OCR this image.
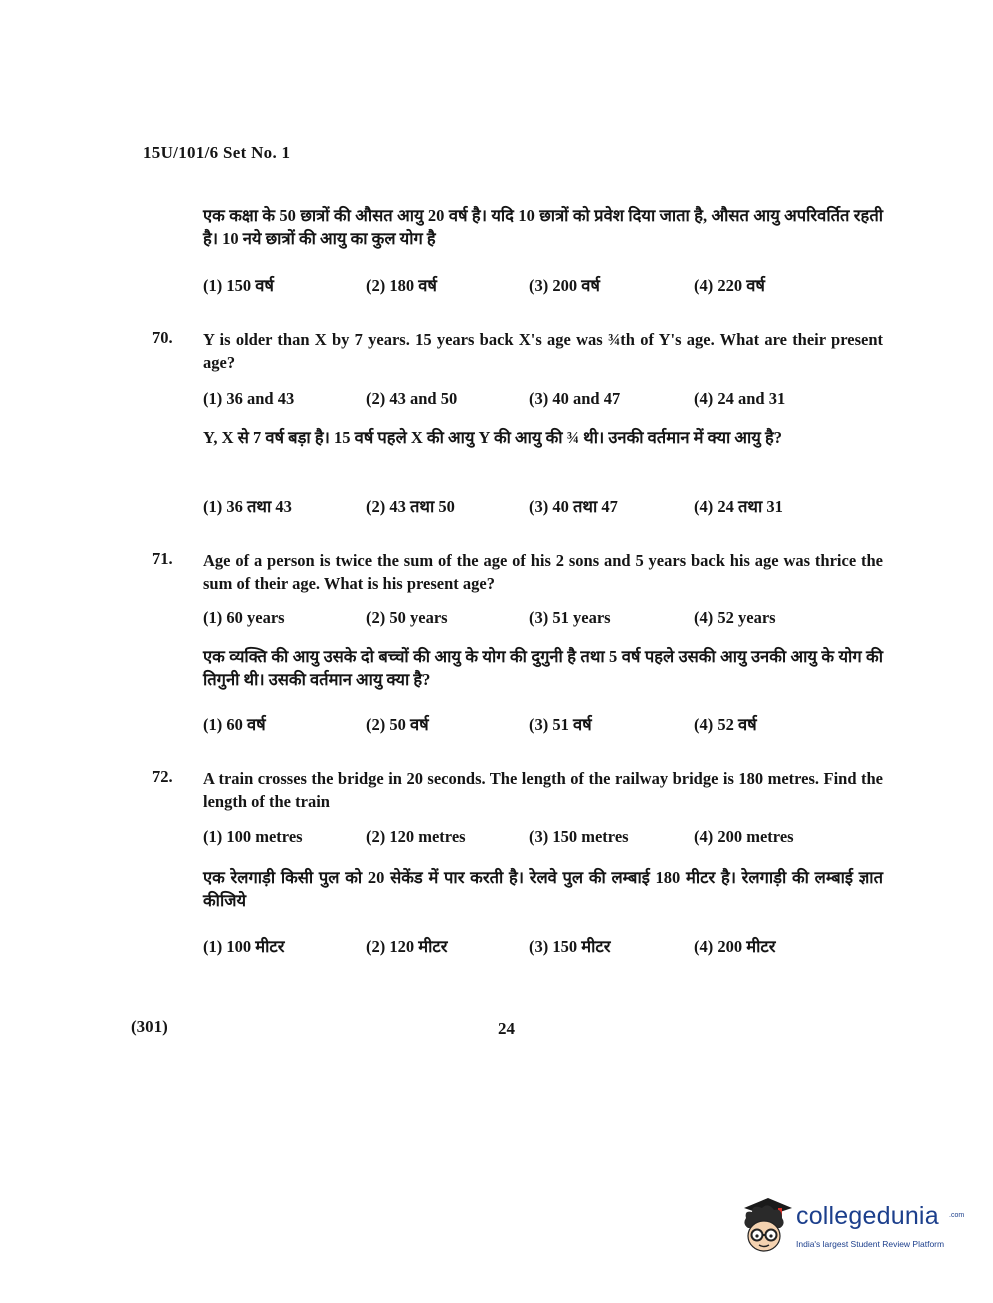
15U/101/6 Set No. 1
एक कक्षा के 50 छात्रों की औसत आयु 20 वर्ष है। यदि 10 छात्रों को प्रवेश दिया जाता है, औसत आयु अपरिवर्तित रहती है। 10 नये छात्रों की आयु का कुल योग है
(1) 150 वर्ष	(2) 180 वर्ष	(3) 200 वर्ष	(4) 220 वर्ष
70. Y is older than X by 7 years. 15 years back X's age was ¾th of Y's age. What are their present age?
(1) 36 and 43	(2) 43 and 50	(3) 40 and 47	(4) 24 and 31
Y, X से 7 वर्ष बड़ा है। 15 वर्ष पहले X की आयु Y की आयु की ¾ थी। उनकी वर्तमान में क्या आयु है?
(1) 36 तथा 43	(2) 43 तथा 50	(3) 40 तथा 47	(4) 24 तथा 31
71. Age of a person is twice the sum of the age of his 2 sons and 5 years back his age was thrice the sum of their age. What is his present age?
(1) 60 years	(2) 50 years	(3) 51 years	(4) 52 years
एक व्यक्ति की आयु उसके दो बच्चों की आयु के योग की दुगुनी है तथा 5 वर्ष पहले उसकी आयु उनकी आयु के योग की तिगुनी थी। उसकी वर्तमान आयु क्या है?
(1) 60 वर्ष	(2) 50 वर्ष	(3) 51 वर्ष	(4) 52 वर्ष
72. A train crosses the bridge in 20 seconds. The length of the railway bridge is 180 metres. Find the length of the train
(1) 100 metres	(2) 120 metres	(3) 150 metres	(4) 200 metres
एक रेलगाड़ी किसी पुल को 20 सेकेंड में पार करती है। रेलवे पुल की लम्बाई 180 मीटर है। रेलगाड़ी की लम्बाई ज्ञात कीजिये
(1) 100 मीटर	(2) 120 मीटर	(3) 150 मीटर	(4) 200 मीटर
(301)	24
collegedunia .com
India's largest Student Review Platform
